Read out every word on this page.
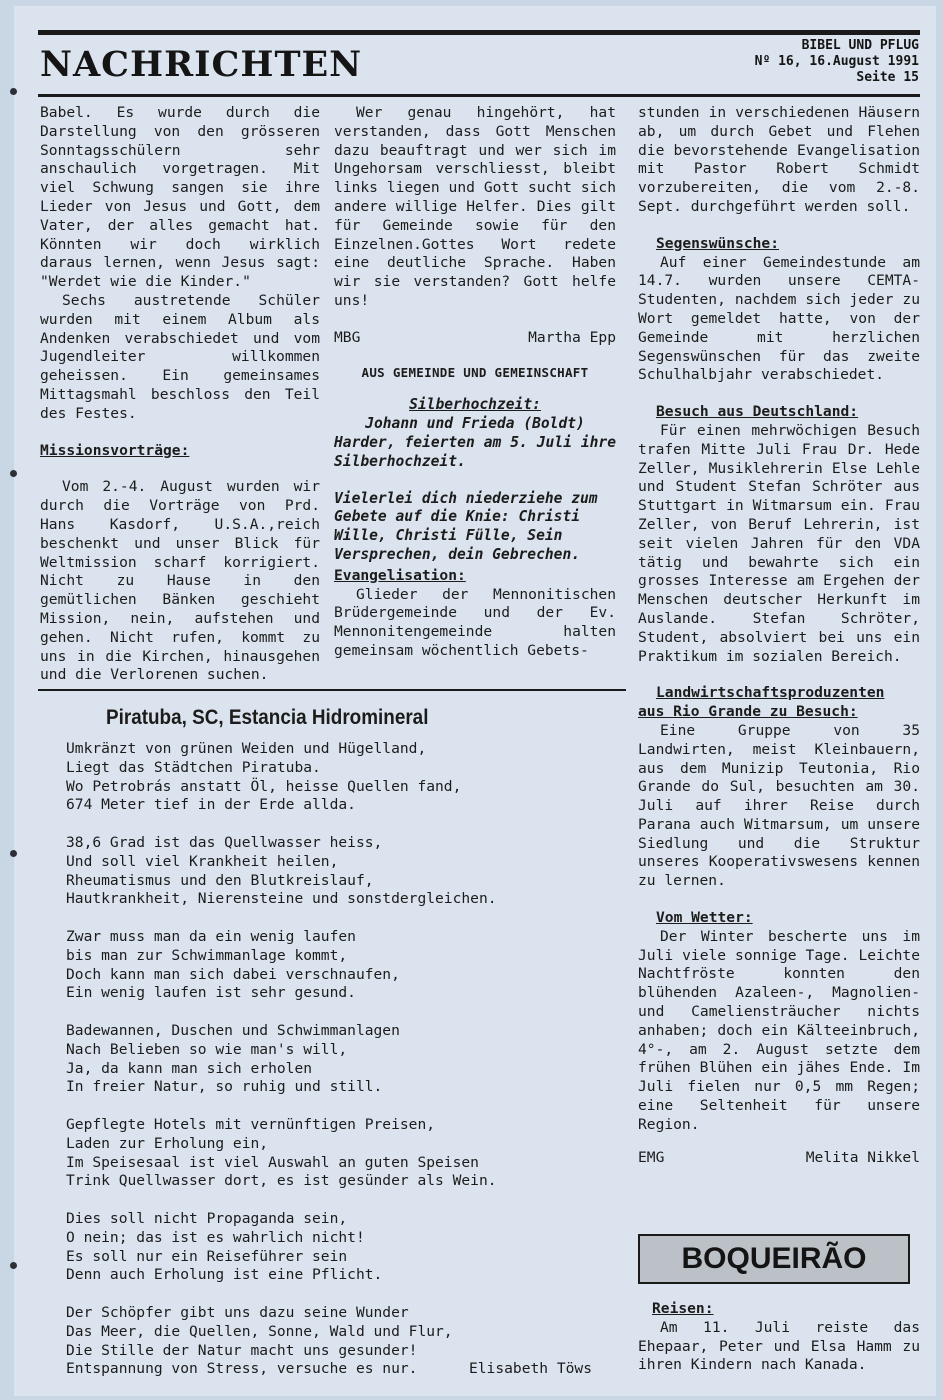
NACHRICHTEN	BIBEL UND PFLUG
Nº 16, 16.August 1991
Seite 15

Babel. Es wurde durch die Darstellung von den grösseren Sonntagsschülern sehr anschaulich vorgetragen. Mit viel Schwung sangen sie ihre Lieder von Jesus und Gott, dem Vater, der alles gemacht hat. Könnten wir doch wirklich daraus lernen, wenn Jesus sagt: "Werdet wie die Kinder."

Sechs austretende Schüler wurden mit einem Album als Andenken verabschiedet und vom Jugendleiter willkommen geheissen. Ein gemeinsames Mittagsmahl beschloss den Teil des Festes.

Missionsvorträge:

Vom 2.-4. August wurden wir durch die Vorträge von Prd. Hans Kasdorf, U.S.A.,reich beschenkt und unser Blick für Weltmission scharf korrigiert. Nicht zu Hause in den gemütlichen Bänken geschieht Mission, nein, aufstehen und gehen. Nicht rufen, kommt zu uns in die Kirchen, hinausgehen und die Verlorenen suchen.

Wer genau hingehört, hat verstanden, dass Gott Menschen dazu beauftragt und wer sich im Ungehorsam verschliesst, bleibt links liegen und Gott sucht sich andere willige Helfer. Dies gilt für Gemeinde sowie für den Einzelnen.Gottes Wort redete eine deutliche Sprache. Haben wir sie verstanden? Gott helfe uns!

MBG	Martha Epp

AUS GEMEINDE UND GEMEINSCHAFT

Silberhochzeit:

Johann und Frieda (Boldt)

Harder, feierten am 5. Juli ihre Silberhochzeit.

Vielerlei dich niederziehe zum Gebete auf die Knie: Christi Wille, Christi Fülle, Sein Versprechen, dein Gebrechen.

Evangelisation:

Glieder der Mennonitischen Brüdergemeinde und der Ev. Mennonitengemeinde halten gemeinsam wöchentlich Gebets-

Piratuba, SC, Estancia Hidromineral
Umkränzt von grünen Weiden und Hügelland,
Liegt das Städtchen Piratuba.
Wo Petrobrás anstatt Öl, heisse Quellen fand,
674 Meter tief in der Erde allda.
38,6 Grad ist das Quellwasser heiss,
Und soll viel Krankheit heilen,
Rheumatismus und den Blutkreislauf,
Hautkrankheit, Nierensteine und sonstdergleichen.
Zwar muss man da ein wenig laufen
bis man zur Schwimmanlage kommt,
Doch kann man sich dabei verschnaufen,
Ein wenig laufen ist sehr gesund.
Badewannen, Duschen und Schwimmanlagen
Nach Belieben so wie man's will,
Ja, da kann man sich erholen
In freier Natur, so ruhig und still.
Gepflegte Hotels mit vernünftigen Preisen,
Laden zur Erholung ein,
Im Speisesaal ist viel Auswahl an guten Speisen
Trink Quellwasser dort, es ist gesünder als Wein.
Dies soll nicht Propaganda sein,
O nein; das ist es wahrlich nicht!
Es soll nur ein Reiseführer sein
Denn auch Erholung ist eine Pflicht.
Der Schöpfer gibt uns dazu seine Wunder
Das Meer, die Quellen, Sonne, Wald und Flur,
Die Stille der Natur macht uns gesunder!
Entspannung von Stress, versuche es nur.	Elisabeth Töws

stunden in verschiedenen Häusern ab, um durch Gebet und Flehen die bevorstehende Evangelisation mit Pastor Robert Schmidt vorzubereiten, die vom 2.-8. Sept. durchgeführt werden soll.

Segenswünsche:

Auf einer Gemeindestunde am 14.7. wurden unsere CEMTA-Studenten, nachdem sich jeder zu Wort gemeldet hatte, von der Gemeinde mit herzlichen Segenswünschen für das zweite Schulhalbjahr verabschiedet.

Besuch aus Deutschland:

Für einen mehrwöchigen Besuch trafen Mitte Juli Frau Dr. Hede Zeller, Musiklehrerin Else Lehle und Student Stefan Schröter aus Stuttgart in Witmarsum ein. Frau Zeller, von Beruf Lehrerin, ist seit vielen Jahren für den VDA tätig und bewahrte sich ein grosses Interesse am Ergehen der Menschen deutscher Herkunft im Auslande. Stefan Schröter, Student, absolviert bei uns ein Praktikum im sozialen Bereich.

Landwirtschaftsproduzenten

aus Rio Grande zu Besuch:

Eine Gruppe von 35 Landwirten, meist Kleinbauern, aus dem Munizip Teutonia, Rio Grande do Sul, besuchten am 30. Juli auf ihrer Reise durch Parana auch Witmarsum, um unsere Siedlung und die Struktur unseres Kooperativswesens kennen zu lernen.

Vom Wetter:

Der Winter bescherte uns im Juli viele sonnige Tage. Leichte Nachtfröste konnten den blühenden Azaleen-, Magnolien- und Cameliensträucher nichts anhaben; doch ein Kälteeinbruch, 4°-, am 2. August setzte dem frühen Blühen ein jähes Ende. Im Juli fielen nur 0,5 mm Regen; eine Seltenheit für unsere Region.

EMG	Melita Nikkel
BOQUEIRÃO

Reisen:

Am 11. Juli reiste das Ehepaar, Peter und Elsa Hamm zu ihren Kindern nach Kanada.
